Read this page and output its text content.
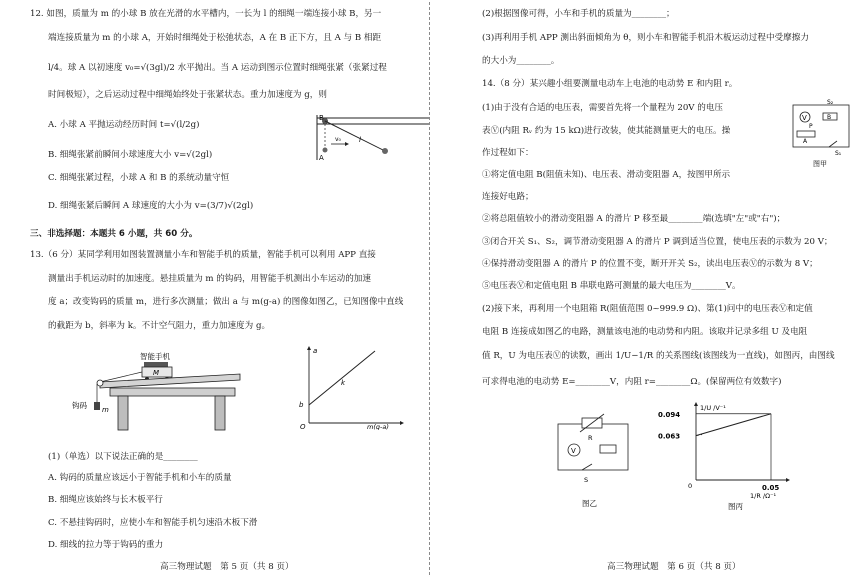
12. 如图，质量为 m 的小球 B 放在光滑的水平槽内，一长为 l 的细绳一端连接小球 B，另一
端连接质量为 m 的小球 A，开始时细绳处于松弛状态，A 在 B 正下方，且 A 与 B 相距
l/4。球 A 以初速度 v₀=√(3gl)/2 水平抛出。当 A 运动到图示位置时细绳张紧（张紧过程
时间极短），之后运动过程中细绳始终处于张紧状态。重力加速度为 g，则
A. 小球 A 平抛运动经历时间 t=√(l/2g)
B. 细绳张紧前瞬间小球速度大小 v=√(2gl)
C. 细绳张紧过程，小球 A 和 B 的系统动量守恒
D. 细绳张紧后瞬间 A 球速度的大小为 v=(3/7)√(2gl)
B
A
v₀	l
三、非选择题：本题共 6 小题，共 60 分。
13.（6 分）某同学利用如图装置测量小车和智能手机的质量，智能手机可以利用 APP 直接
测量出手机运动时的加速度。悬挂质量为 m 的钩码，用智能手机测出小车运动的加速
度 a；改变钩码的质量 m，进行多次测量；做出 a 与 m(g-a) 的图像如图乙，已知图像中直线
的截距为 b，斜率为 k。不计空气阻力，重力加速度为 g。
智能手机
M
钩码 m
a
b
k
O	m(g-a)
(1)（单选）以下说法正确的是________
A. 钩码的质量应该远小于智能手机和小车的质量
B. 细绳应该始终与长木板平行
C. 不悬挂钩码时，应使小车和智能手机匀速沿木板下滑
D. 细线的拉力等于钩码的重力
高三物理试题　第 5 页（共 8 页）
(2)根据图像可得，小车和手机的质量为________；
(3)再利用手机 APP 测出斜面倾角为 θ，则小车和智能手机沿木板运动过程中受摩擦力
的大小为________。
14.（8 分）某兴趣小组要测量电动车上电池的电动势 E 和内阻 r。
(1)由于没有合适的电压表，需要首先将一个量程为 20V 的电压
表Ⓥ(内阻 Rᵥ 约为 15 kΩ)进行改装，使其能测量更大的电压。操
作过程如下：
①将定值电阻 B(阻值未知)、电压表、滑动变阻器 A，按图甲所示
连接好电路；
②将总阻值较小的滑动变阻器 A 的滑片 P 移至最________端(选填"左"或"右")；
③闭合开关 S₁、S₂，调节滑动变阻器 A 的滑片 P 调到适当位置，使电压表的示数为 20 V；
④保持滑动变阻器 A 的滑片 P 的位置不变，断开开关 S₂，读出电压表Ⓥ的示数为 8 V；
⑤电压表Ⓥ和定值电阻 B 串联电路可测量的最大电压为________V。
(2)接下来，再利用一个电阻箱 R(阻值范围 0~999.9 Ω)、第(1)问中的电压表Ⓥ和定值
电阻 B 连接成如图乙的电路，测量该电池的电动势和内阻。该取并记录多组 U 及电阻
值 R，U 为电压表Ⓥ的读数，画出 1/U−1/R 的关系图线(该图线为一直线)，如图丙，由图线
可求得电池的电动势 E=________V，内阻 r=________Ω。(保留两位有效数字)
V	B
S₂
P
A
S₁
图甲
R
V
S
图乙
0.094
0.063
0.05
0
1/U /V⁻¹
1/R /Ω⁻¹
图丙
高三物理试题　第 6 页（共 8 页）
